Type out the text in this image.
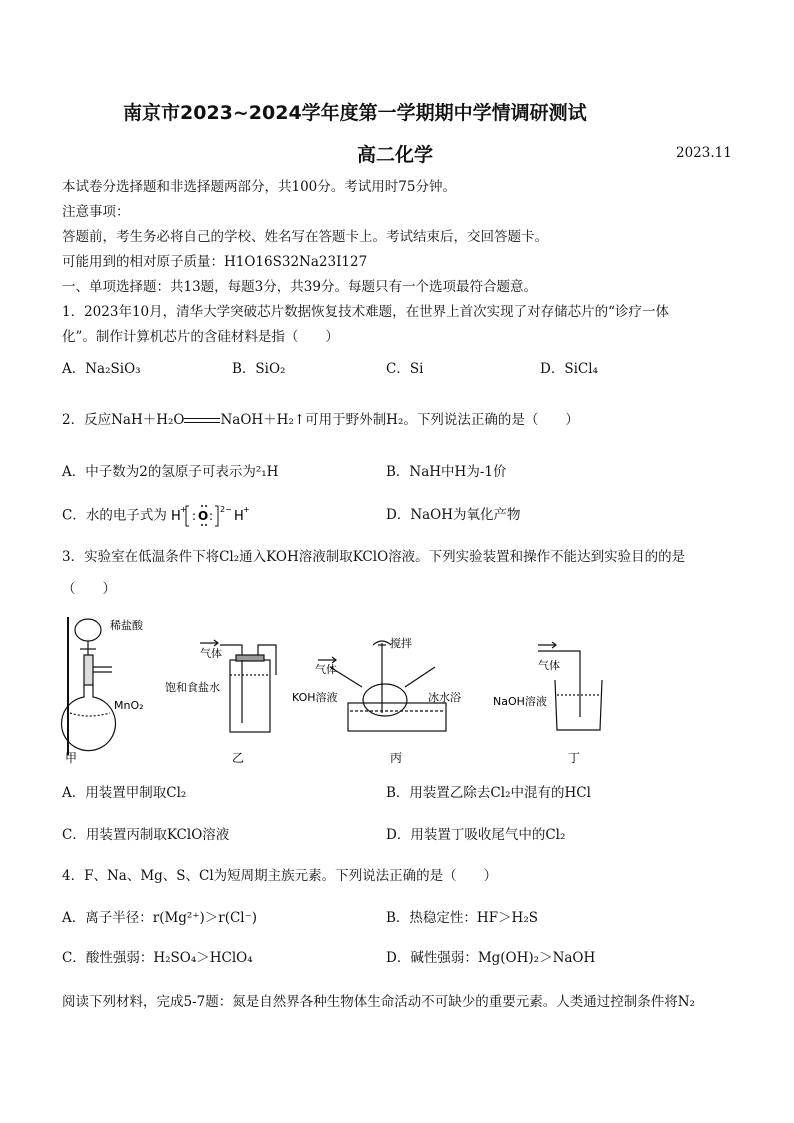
南京市2023~2024学年度第一学期期中学情调研测试
高二化学	2023.11
本试卷分选择题和非选择题两部分，共100分。考试用时75分钟。
注意事项：
答题前，考生务必将自己的学校、姓名写在答题卡上。考试结束后，交回答题卡。
可能用到的相对原子质量：H1O16S32Na23I127
一、单项选择题：共13题，每题3分，共39分。每题只有一个选项最符合题意。
1．2023年10月，清华大学突破芯片数据恢复技术难题，在世界上首次实现了对存储芯片的“诊疗一体
化”。制作计算机芯片的含硅材料是指（　　）
A．Na₂SiO₃	B．SiO₂	C．Si	D．SiCl₄
2．反应NaH＋H₂O	NaOH＋H₂↑可用于野外制H₂。下列说法正确的是（　　）
A．中子数为2的氢原子可表示为²₁H	B．NaH中H为-1价
C．水的电子式为 H + : O : 2− H +	D．NaOH为氧化产物
3．实验室在低温条件下将Cl₂通入KOH溶液制取KClO溶液。下列实验装置和操作不能达到实验目的的是
（　　）
稀盐酸
MnO₂
甲
气体
饱和食盐水
乙
搅拌
气体
KOH溶液	冰水浴
丙
气体
NaOH溶液
丁
A．用装置甲制取Cl₂	B．用装置乙除去Cl₂中混有的HCl
C．用装置丙制取KClO溶液	D．用装置丁吸收尾气中的Cl₂
4．F、Na、Mg、S、Cl为短周期主族元素。下列说法正确的是（　　）
A．离子半径：r(Mg²⁺)＞r(Cl⁻)	B．热稳定性：HF＞H₂S
C．酸性强弱：H₂SO₄＞HClO₄	D．碱性强弱：Mg(OH)₂＞NaOH
阅读下列材料，完成5-7题：氮是自然界各种生物体生命活动不可缺少的重要元素。人类通过控制条件将N₂
